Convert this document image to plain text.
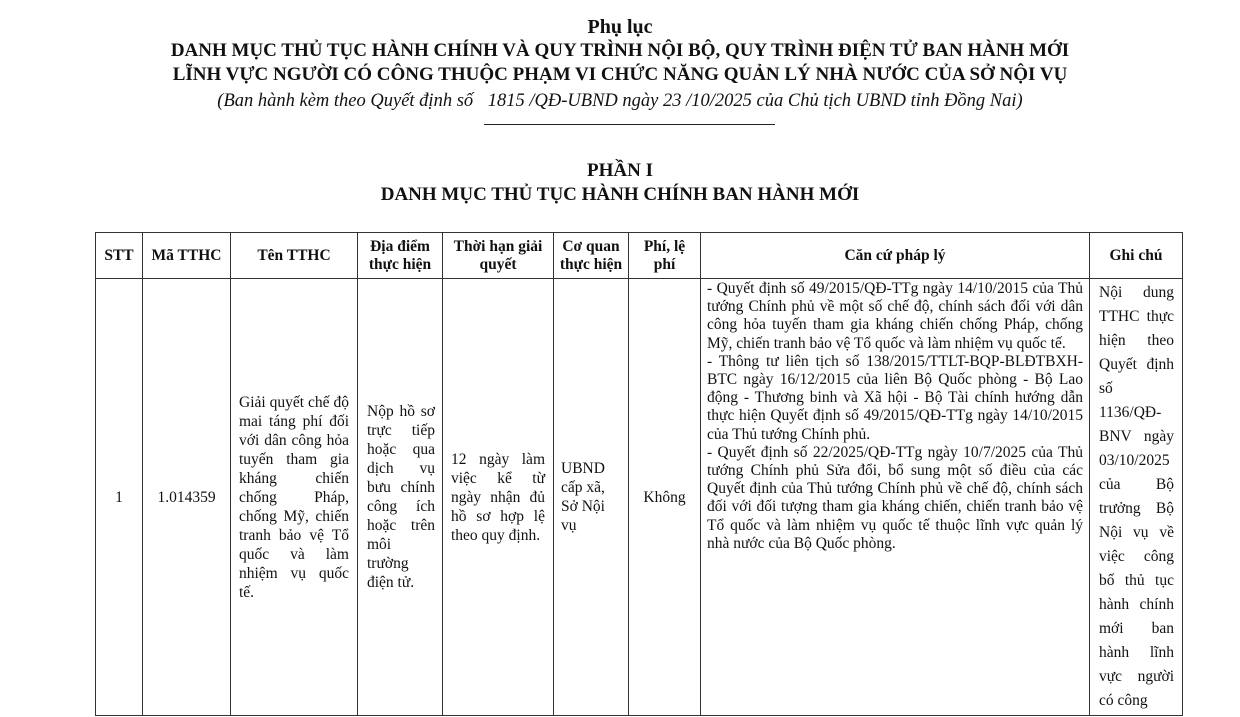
Phụ lục
DANH MỤC THỦ TỤC HÀNH CHÍNH VÀ QUY TRÌNH NỘI BỘ, QUY TRÌNH ĐIỆN TỬ BAN HÀNH MỚI
LĨNH VỰC NGƯỜI CÓ CÔNG THUỘC PHẠM VI CHỨC NĂNG QUẢN LÝ NHÀ NƯỚC CỦA SỞ NỘI VỤ
(Ban hành kèm theo Quyết định số 1815 /QĐ-UBND ngày 23 /10/2025 của Chủ tịch UBND tỉnh Đồng Nai)
PHẦN I
DANH MỤC THỦ TỤC HÀNH CHÍNH BAN HÀNH MỚI
STT	Mã TTHC	Tên TTHC	Địa điểm thực hiện	Thời hạn giải quyết	Cơ quan thực hiện	Phí, lệ phí	Căn cứ pháp lý	Ghi chú
1	1.014359	Giải quyết chế độ mai táng phí đối với dân công hỏa tuyến tham gia kháng chiến chống Pháp, chống Mỹ, chiến tranh bảo vệ Tổ quốc và làm nhiệm vụ quốc tế.	Nộp hồ sơ trực tiếp hoặc qua dịch vụ bưu chính công ích hoặc trên môi trường điện tử.	12 ngày làm việc kể từ ngày nhận đủ hồ sơ hợp lệ theo quy định.	UBND cấp xã, Sở Nội vụ	Không	- Quyết định số 49/2015/QĐ-TTg ngày 14/10/2015 của Thủ tướng Chính phủ về một số chế độ, chính sách đối với dân công hỏa tuyến tham gia kháng chiến chống Pháp, chống Mỹ, chiến tranh bảo vệ Tổ quốc và làm nhiệm vụ quốc tế.
- Thông tư liên tịch số 138/2015/TTLT-BQP-BLĐTBXH-BTC ngày 16/12/2015 của liên Bộ Quốc phòng - Bộ Lao động - Thương binh và Xã hội - Bộ Tài chính hướng dẫn thực hiện Quyết định số 49/2015/QĐ-TTg ngày 14/10/2015 của Thủ tướng Chính phủ.
- Quyết định số 22/2025/QĐ-TTg ngày 10/7/2025 của Thủ tướng Chính phủ Sửa đổi, bổ sung một số điều của các Quyết định của Thủ tướng Chính phủ về chế độ, chính sách đối với đối tượng tham gia kháng chiến, chiến tranh bảo vệ Tổ quốc và làm nhiệm vụ quốc tế thuộc lĩnh vực quản lý nhà nước của Bộ Quốc phòng.	Nội dung TTHC thực hiện theo Quyết định số 1136/QĐ-BNV ngày 03/10/2025 của Bộ trưởng Bộ Nội vụ về việc công bố thủ tục hành chính mới ban hành lĩnh vực người có công
